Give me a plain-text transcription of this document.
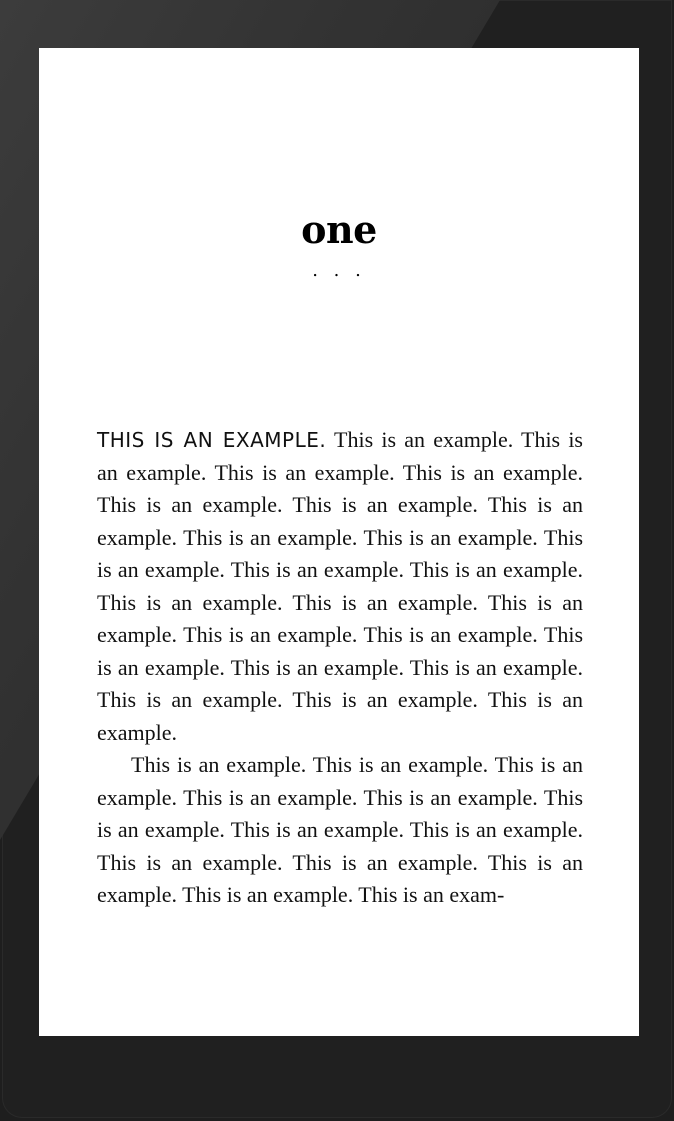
one
. . .

THIS IS AN EXAMPLE. This is an example. This is an example. This is an example. This is an example. This is an example. This is an example. This is an example. This is an example. This is an example. This is an example. This is an example. This is an example. This is an example. This is an example. This is an example. This is an example. This is an example. This is an example. This is an example. This is an example. This is an example. This is an example. This is an example.

This is an example. This is an example. This is an example. This is an example. This is an example. This is an example. This is an example. This is an example. This is an example. This is an example. This is an example. This is an example. This is an exam-
